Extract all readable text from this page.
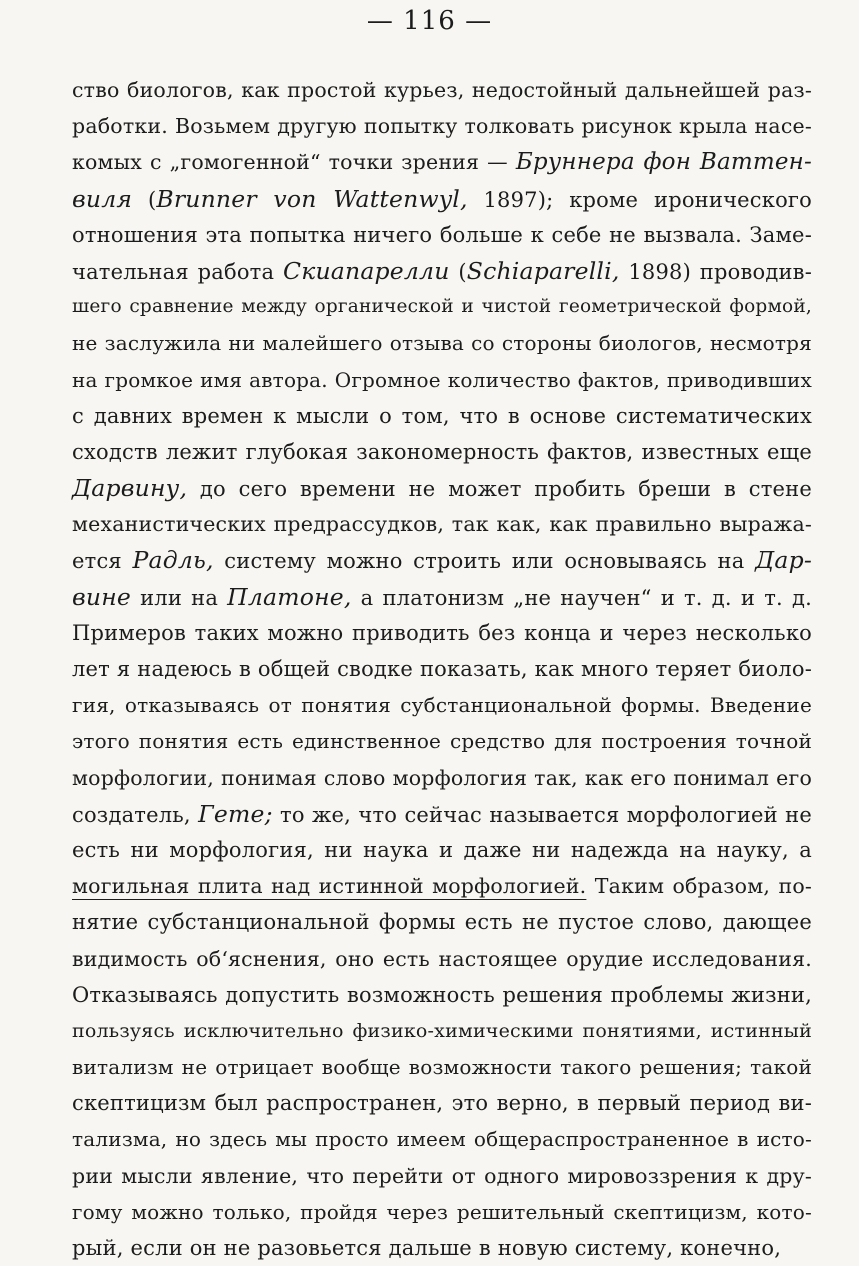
— 116 —
ство биологов, как простой курьез, недостойный дальнейшей раз-
работки. Возьмем другую попытку толковать рисунок крыла насе-
комых с „гомогенной“ точки зрения — Бруннера фон Ваттен-
виля (Brunner von Wattenwyl, 1897); кроме иронического
отношения эта попытка ничего больше к себе не вызвала. Заме-
чательная работа Скиапарелли (Schiaparelli, 1898) проводив-
шего сравнение между органической и чистой геометрической формой,
не заслужила ни малейшего отзыва со стороны биологов, несмотря
на громкое имя автора. Огромное количество фактов, приводивших
с давних времен к мысли о том, что в основе систематических
сходств лежит глубокая закономерность фактов, известных еще
Дарвину, до сего времени не может пробить бреши в стене
механистических предрассудков, так как, как правильно выража-
ется Радль, систему можно строить или основываясь на Дар-
вине или на Платоне, а платонизм „не научен“ и т. д. и т. д.
Примеров таких можно приводить без конца и через несколько
лет я надеюсь в общей сводке показать, как много теряет биоло-
гия, отказываясь от понятия субстанциональной формы. Введение
этого понятия есть единственное средство для построения точной
морфологии, понимая слово морфология так, как его понимал его
создатель, Гете; то же, что сейчас называется морфологией не
есть ни морфология, ни наука и даже ни надежда на науку, а
могильная плита над истинной морфологией. Таким образом, по-
нятие субстанциональной формы есть не пустое слово, дающее
видимость об‘яснения, оно есть настоящее орудие исследования.
Отказываясь допустить возможность решения проблемы жизни,
пользуясь исключительно физико-химическими понятиями, истинный
витализм не отрицает вообще возможности такого решения; такой
скептицизм был распространен, это верно, в первый период ви-
тализма, но здесь мы просто имеем общераспространенное в исто-
рии мысли явление, что перейти от одного мировоззрения к дру-
гому можно только, пройдя через решительный скептицизм, кото-
рый, если он не разовьется дальше в новую систему, конечно,
